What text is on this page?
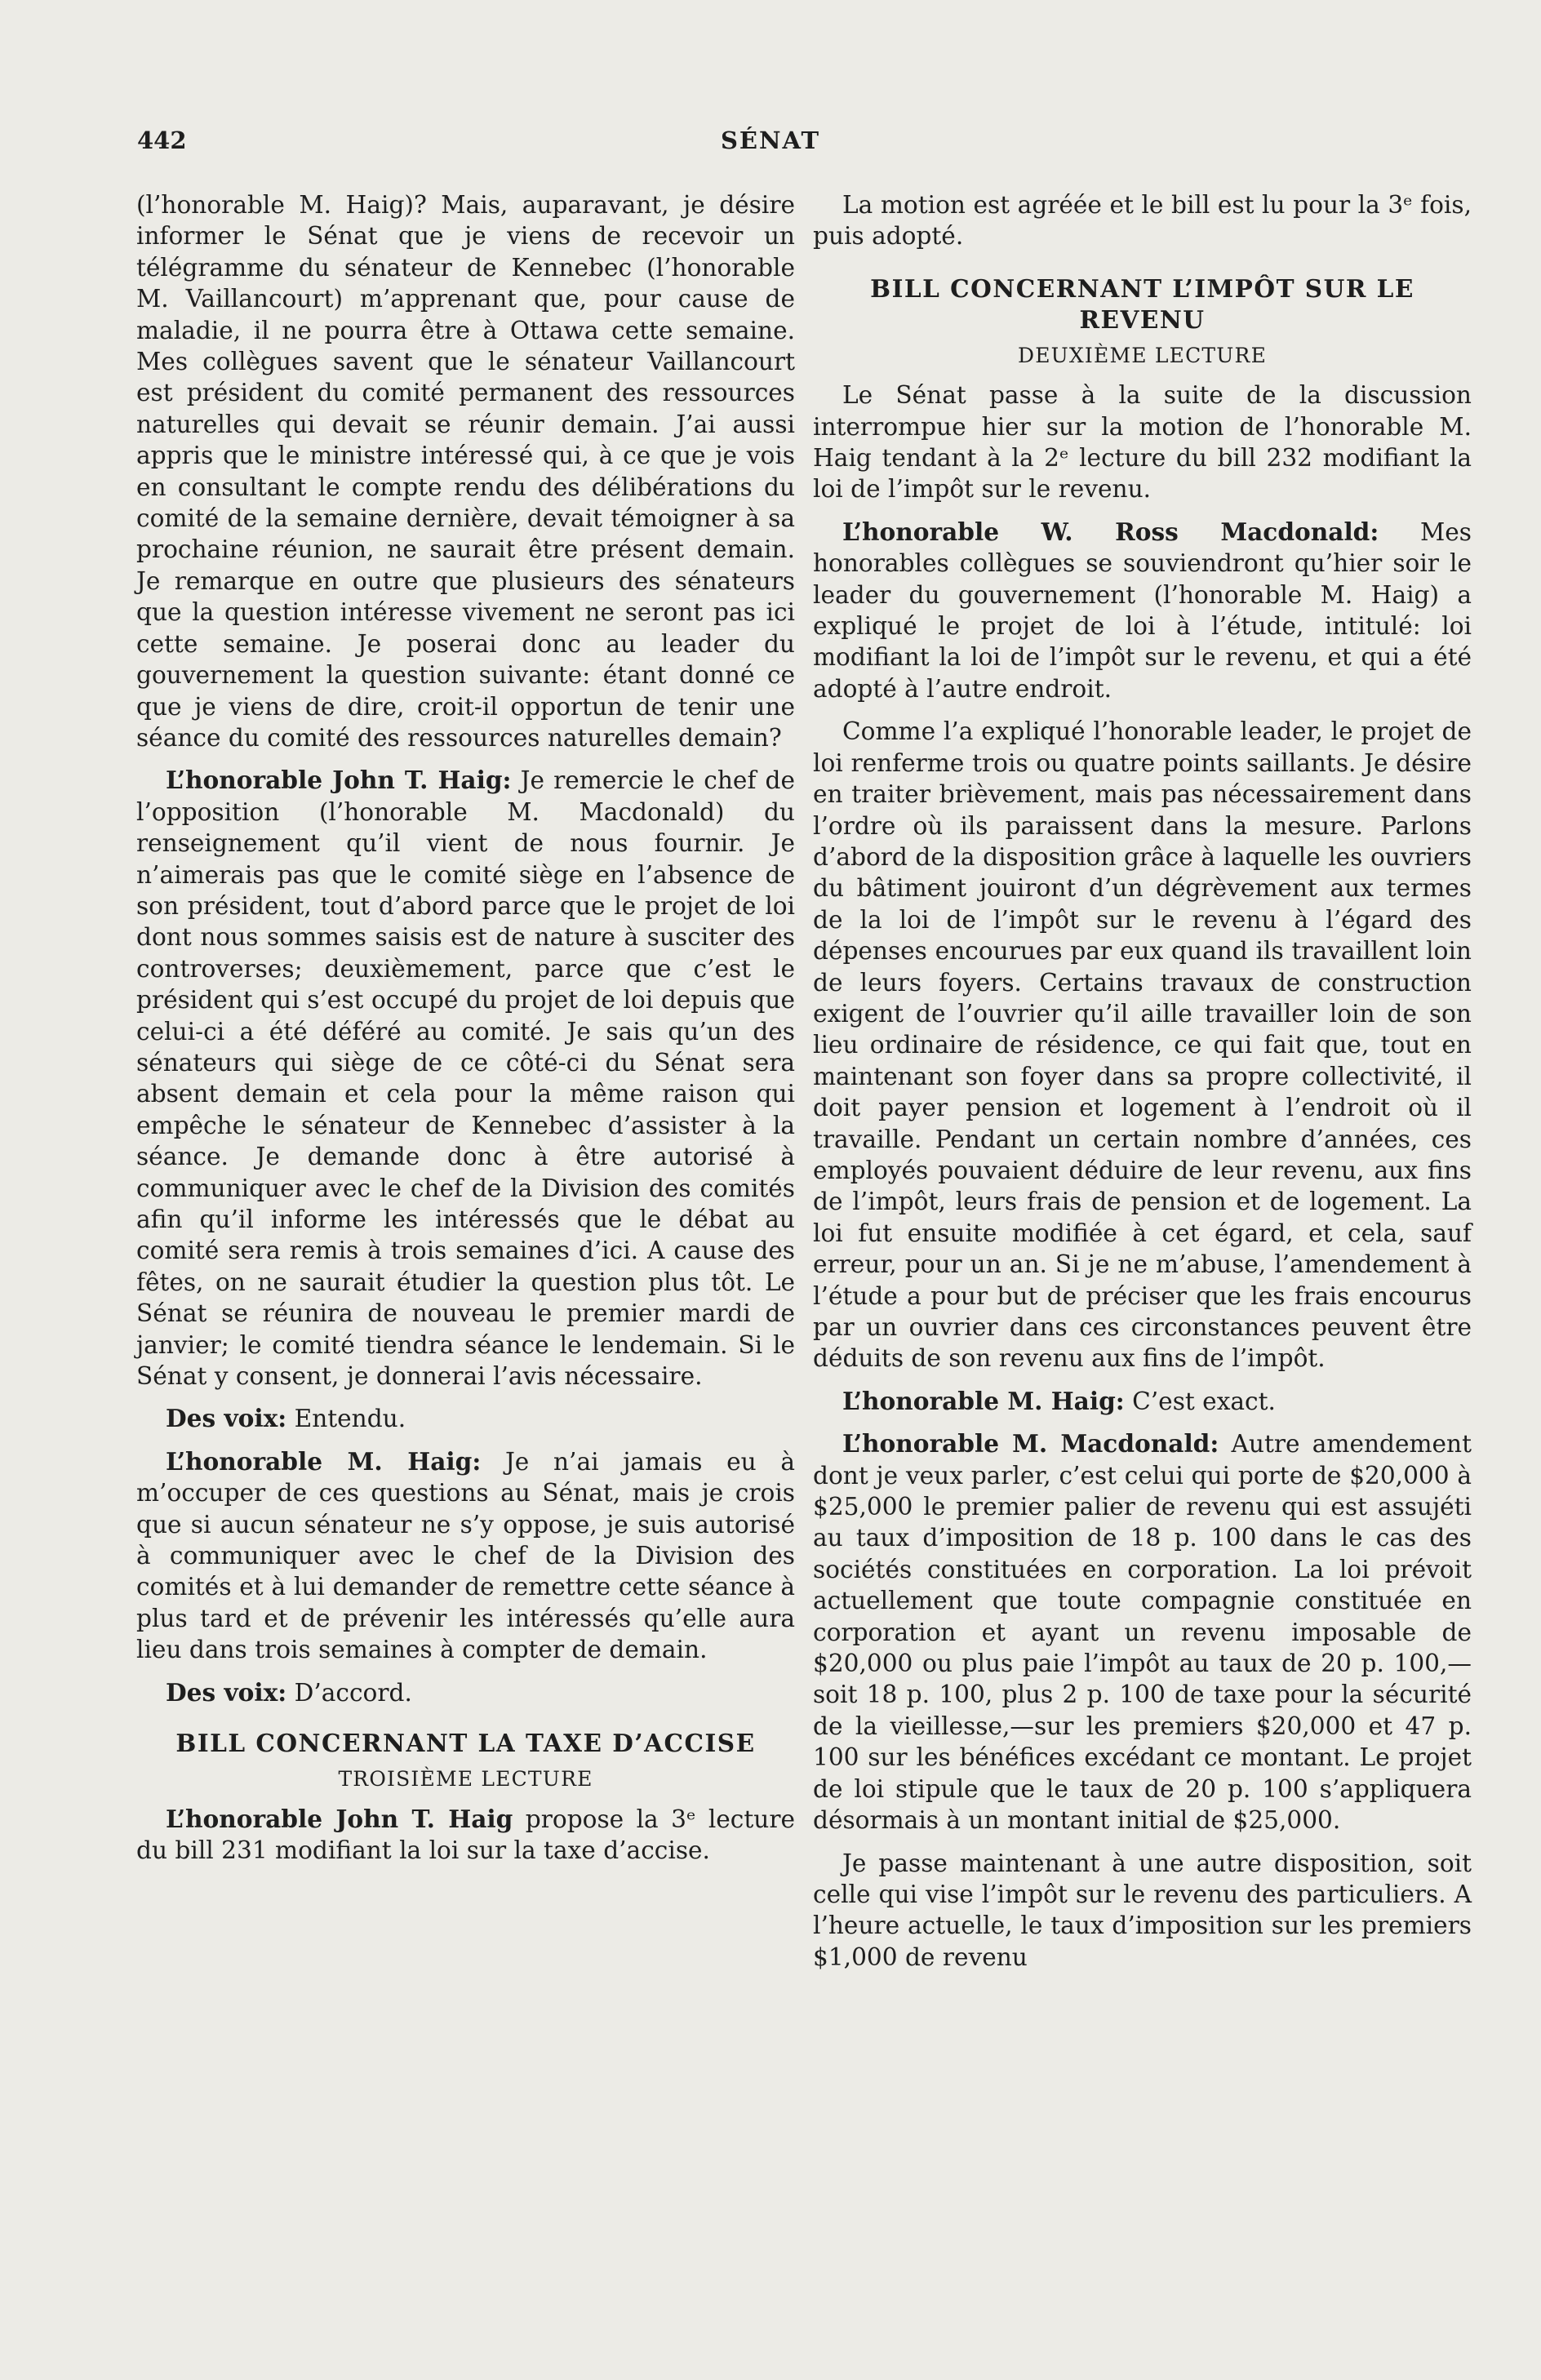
442	SÉNAT

(l’honorable M. Haig)? Mais, auparavant, je désire informer le Sénat que je viens de recevoir un télégramme du sénateur de Kennebec (l’honorable M. Vaillancourt) m’apprenant que, pour cause de maladie, il ne pourra être à Ottawa cette semaine. Mes collègues savent que le sénateur Vaillancourt est président du comité permanent des ressources naturelles qui devait se réunir demain. J’ai aussi appris que le ministre intéressé qui, à ce que je vois en consultant le compte rendu des délibérations du comité de la semaine dernière, devait témoigner à sa prochaine réunion, ne saurait être présent demain. Je remarque en outre que plusieurs des sénateurs que la question intéresse vivement ne seront pas ici cette semaine. Je poserai donc au leader du gouvernement la question suivante: étant donné ce que je viens de dire, croit-il opportun de tenir une séance du comité des ressources naturelles demain?

L’honorable John T. Haig: Je remercie le chef de l’opposition (l’honorable M. Macdonald) du renseignement qu’il vient de nous fournir. Je n’aimerais pas que le comité siège en l’absence de son président, tout d’abord parce que le projet de loi dont nous sommes saisis est de nature à susciter des controverses; deuxièmement, parce que c’est le président qui s’est occupé du projet de loi depuis que celui-ci a été déféré au comité. Je sais qu’un des sénateurs qui siège de ce côté-ci du Sénat sera absent demain et cela pour la même raison qui empêche le sénateur de Kennebec d’assister à la séance. Je demande donc à être autorisé à communiquer avec le chef de la Division des comités afin qu’il informe les intéressés que le débat au comité sera remis à trois semaines d’ici. A cause des fêtes, on ne saurait étudier la question plus tôt. Le Sénat se réunira de nouveau le premier mardi de janvier; le comité tiendra séance le lendemain. Si le Sénat y consent, je donnerai l’avis nécessaire.

Des voix: Entendu.

L’honorable M. Haig: Je n’ai jamais eu à m’occuper de ces questions au Sénat, mais je crois que si aucun sénateur ne s’y oppose, je suis autorisé à communiquer avec le chef de la Division des comités et à lui demander de remettre cette séance à plus tard et de prévenir les intéressés qu’elle aura lieu dans trois semaines à compter de demain.

Des voix: D’accord.

BILL CONCERNANT LA TAXE D’ACCISE
TROISIÈME LECTURE

L’honorable John T. Haig propose la 3ᵉ lecture du bill 231 modifiant la loi sur la taxe d’accise.

La motion est agréée et le bill est lu pour la 3ᵉ fois, puis adopté.

BILL CONCERNANT L’IMPÔT SUR LE REVENU
DEUXIÈME LECTURE

Le Sénat passe à la suite de la discussion interrompue hier sur la motion de l’honorable M. Haig tendant à la 2ᵉ lecture du bill 232 modifiant la loi de l’impôt sur le revenu.

L’honorable W. Ross Macdonald: Mes honorables collègues se souviendront qu’hier soir le leader du gouvernement (l’honorable M. Haig) a expliqué le projet de loi à l’étude, intitulé: loi modifiant la loi de l’impôt sur le revenu, et qui a été adopté à l’autre endroit.

Comme l’a expliqué l’honorable leader, le projet de loi renferme trois ou quatre points saillants. Je désire en traiter brièvement, mais pas nécessairement dans l’ordre où ils paraissent dans la mesure. Parlons d’abord de la disposition grâce à laquelle les ouvriers du bâtiment jouiront d’un dégrèvement aux termes de la loi de l’impôt sur le revenu à l’égard des dépenses encourues par eux quand ils travaillent loin de leurs foyers. Certains travaux de construction exigent de l’ouvrier qu’il aille travailler loin de son lieu ordinaire de résidence, ce qui fait que, tout en maintenant son foyer dans sa propre collectivité, il doit payer pension et logement à l’endroit où il travaille. Pendant un certain nombre d’années, ces employés pouvaient déduire de leur revenu, aux fins de l’impôt, leurs frais de pension et de logement. La loi fut ensuite modifiée à cet égard, et cela, sauf erreur, pour un an. Si je ne m’abuse, l’amendement à l’étude a pour but de préciser que les frais encourus par un ouvrier dans ces circonstances peuvent être déduits de son revenu aux fins de l’impôt.

L’honorable M. Haig: C’est exact.

L’honorable M. Macdonald: Autre amendement dont je veux parler, c’est celui qui porte de $20,000 à $25,000 le premier palier de revenu qui est assujéti au taux d’imposition de 18 p. 100 dans le cas des sociétés constituées en corporation. La loi prévoit actuellement que toute compagnie constituée en corporation et ayant un revenu imposable de $20,000 ou plus paie l’impôt au taux de 20 p. 100,—soit 18 p. 100, plus 2 p. 100 de taxe pour la sécurité de la vieillesse,—sur les premiers $20,000 et 47 p. 100 sur les bénéfices excédant ce montant. Le projet de loi stipule que le taux de 20 p. 100 s’appliquera désormais à un montant initial de $25,000.

Je passe maintenant à une autre disposition, soit celle qui vise l’impôt sur le revenu des particuliers. A l’heure actuelle, le taux d’imposition sur les premiers $1,000 de revenu
